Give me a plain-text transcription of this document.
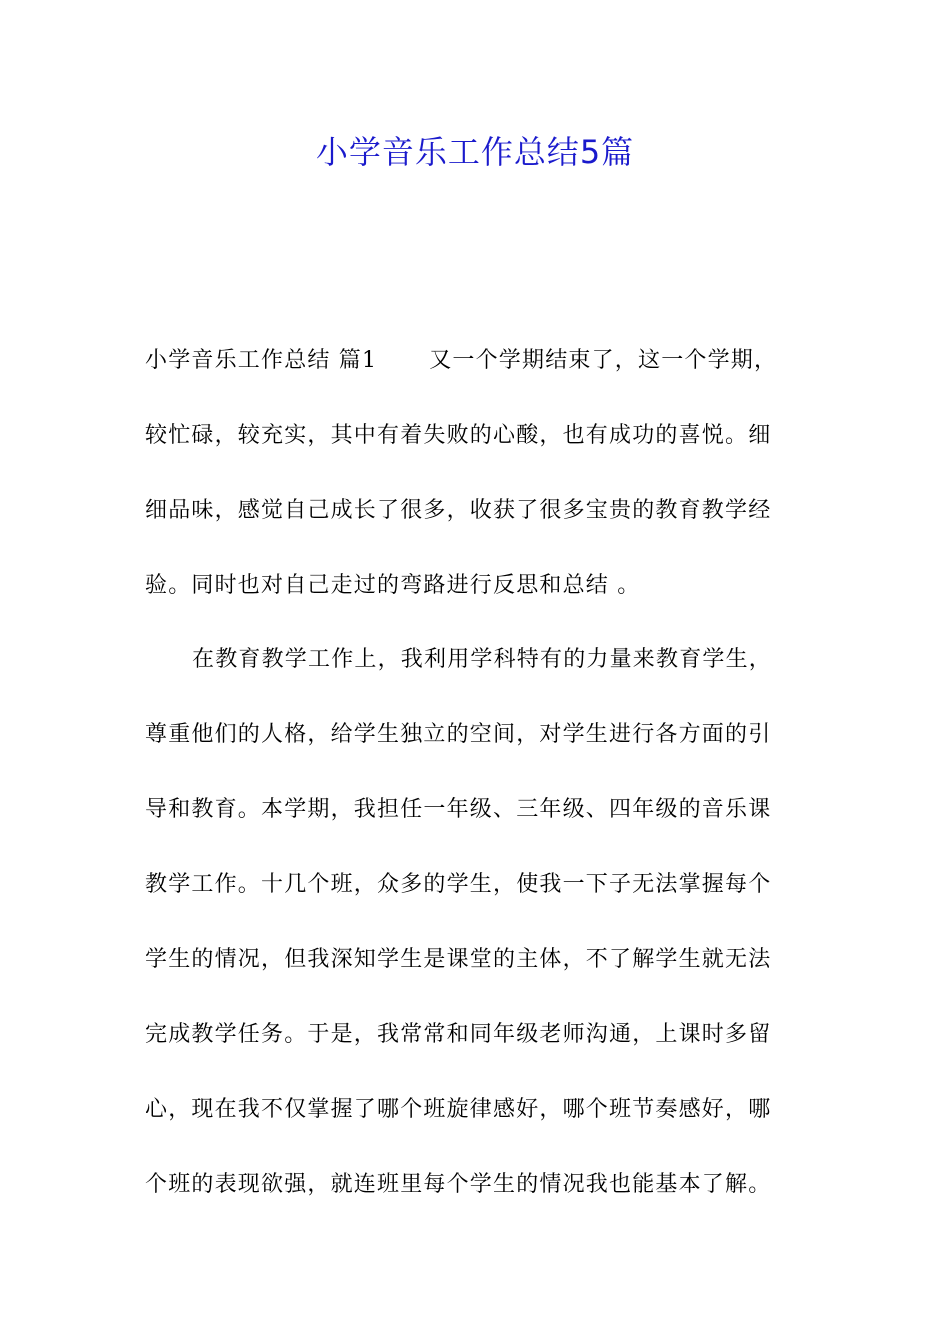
小学音乐工作总结5篇
小学音乐工作总结 篇1 又一个学期结束了，这一个学期，
较忙碌，较充实，其中有着失败的心酸，也有成功的喜悦。细
细品味，感觉自己成长了很多，收获了很多宝贵的教育教学经
验。同时也对自己走过的弯路进行反思和总结 。
在教育教学工作上，我利用学科特有的力量来教育学生，
尊重他们的人格，给学生独立的空间，对学生进行各方面的引
导和教育。本学期，我担任一年级、三年级、四年级的音乐课
教学工作。十几个班，众多的学生，使我一下子无法掌握每个
学生的情况，但我深知学生是课堂的主体，不了解学生就无法
完成教学任务。于是，我常常和同年级老师沟通，上课时多留
心，现在我不仅掌握了哪个班旋律感好，哪个班节奏感好，哪
个班的表现欲强，就连班里每个学生的情况我也能基本了解。
